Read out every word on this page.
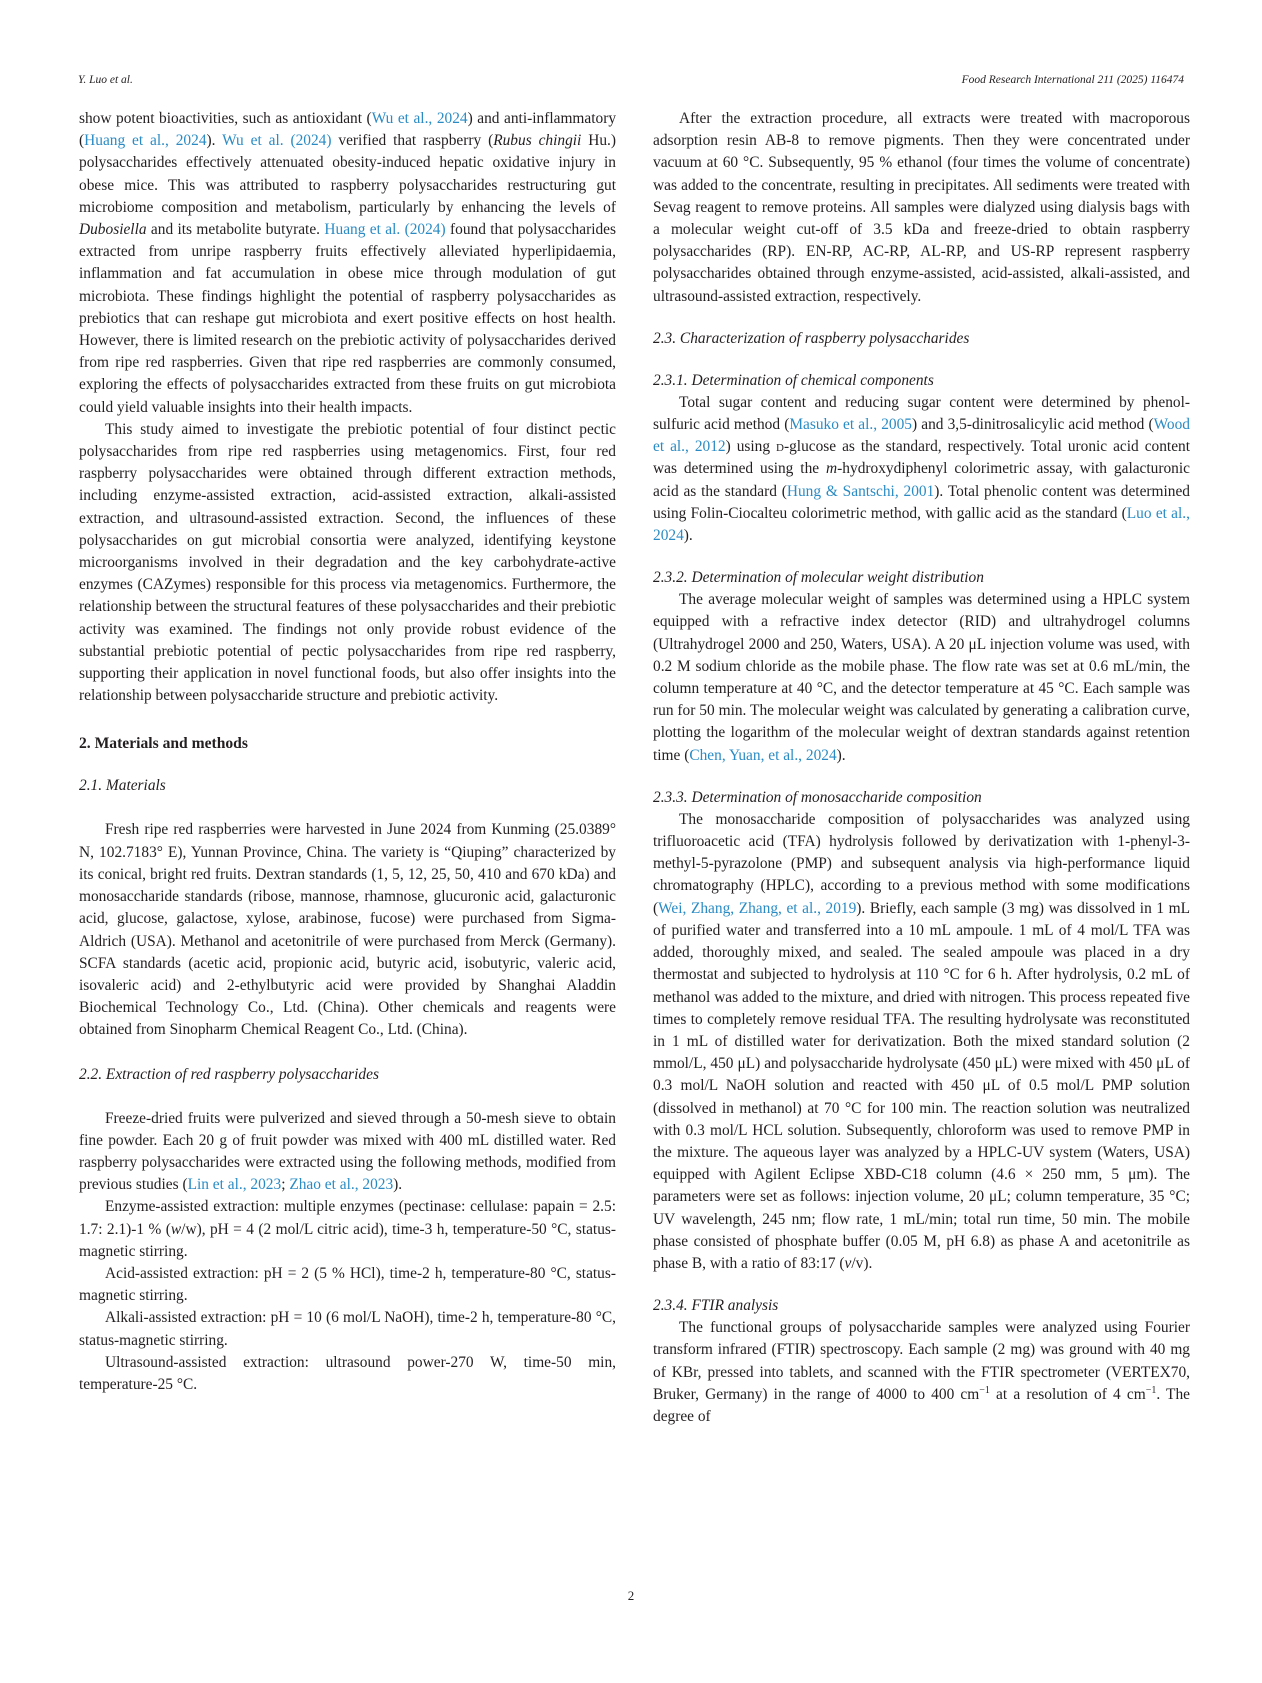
Y. Luo et al.	Food Research International 211 (2025) 116474

show potent bioactivities, such as antioxidant (Wu et al., 2024) and anti-inflammatory (Huang et al., 2024). Wu et al. (2024) verified that raspberry (Rubus chingii Hu.) polysaccharides effectively attenuated obesity-induced hepatic oxidative injury in obese mice. This was attributed to raspberry polysaccharides restructuring gut microbiome composition and metabolism, particularly by enhancing the levels of Dubosiella and its metabolite butyrate. Huang et al. (2024) found that polysaccharides extracted from unripe raspberry fruits effectively alleviated hyperlipidaemia, inflammation and fat accumulation in obese mice through modulation of gut microbiota. These findings highlight the potential of raspberry polysaccharides as prebiotics that can reshape gut microbiota and exert positive effects on host health. However, there is limited research on the prebiotic activity of polysaccharides derived from ripe red raspberries. Given that ripe red raspberries are commonly consumed, exploring the effects of polysaccharides extracted from these fruits on gut microbiota could yield valuable insights into their health impacts.

This study aimed to investigate the prebiotic potential of four distinct pectic polysaccharides from ripe red raspberries using metagenomics. First, four red raspberry polysaccharides were obtained through different extraction methods, including enzyme-assisted extraction, acid-assisted extraction, alkali-assisted extraction, and ultrasound-assisted extraction. Second, the influences of these polysaccharides on gut microbial consortia were analyzed, identifying keystone microorganisms involved in their degradation and the key carbohydrate-active enzymes (CAZymes) responsible for this process via metagenomics. Furthermore, the relationship between the structural features of these polysaccharides and their prebiotic activity was examined. The findings not only provide robust evidence of the substantial prebiotic potential of pectic polysaccharides from ripe red raspberry, supporting their application in novel functional foods, but also offer insights into the relationship between polysaccharide structure and prebiotic activity.

2. Materials and methods
2.1. Materials

Fresh ripe red raspberries were harvested in June 2024 from Kunming (25.0389° N, 102.7183° E), Yunnan Province, China. The variety is “Qiuping” characterized by its conical, bright red fruits. Dextran standards (1, 5, 12, 25, 50, 410 and 670 kDa) and monosaccharide standards (ribose, mannose, rhamnose, glucuronic acid, galacturonic acid, glucose, galactose, xylose, arabinose, fucose) were purchased from Sigma-Aldrich (USA). Methanol and acetonitrile of were purchased from Merck (Germany). SCFA standards (acetic acid, propionic acid, butyric acid, isobutyric, valeric acid, isovaleric acid) and 2-ethylbutyric acid were provided by Shanghai Aladdin Biochemical Technology Co., Ltd. (China). Other chemicals and reagents were obtained from Sinopharm Chemical Reagent Co., Ltd. (China).

2.2. Extraction of red raspberry polysaccharides

Freeze-dried fruits were pulverized and sieved through a 50-mesh sieve to obtain fine powder. Each 20 g of fruit powder was mixed with 400 mL distilled water. Red raspberry polysaccharides were extracted using the following methods, modified from previous studies (Lin et al., 2023; Zhao et al., 2023).

Enzyme-assisted extraction: multiple enzymes (pectinase: cellulase: papain = 2.5: 1.7: 2.1)-1 % (w/w), pH = 4 (2 mol/L citric acid), time-3 h, temperature-50 °C, status-magnetic stirring.

Acid-assisted extraction: pH = 2 (5 % HCl), time-2 h, temperature-80 °C, status-magnetic stirring.

Alkali-assisted extraction: pH = 10 (6 mol/L NaOH), time-2 h, temperature-80 °C, status-magnetic stirring.

Ultrasound-assisted extraction: ultrasound power-270 W, time-50 min, temperature-25 °C.

After the extraction procedure, all extracts were treated with macroporous adsorption resin AB-8 to remove pigments. Then they were concentrated under vacuum at 60 °C. Subsequently, 95 % ethanol (four times the volume of concentrate) was added to the concentrate, resulting in precipitates. All sediments were treated with Sevag reagent to remove proteins. All samples were dialyzed using dialysis bags with a molecular weight cut-off of 3.5 kDa and freeze-dried to obtain raspberry polysaccharides (RP). EN-RP, AC-RP, AL-RP, and US-RP represent raspberry polysaccharides obtained through enzyme-assisted, acid-assisted, alkali-assisted, and ultrasound-assisted extraction, respectively.

2.3. Characterization of raspberry polysaccharides
2.3.1. Determination of chemical components

Total sugar content and reducing sugar content were determined by phenol-sulfuric acid method (Masuko et al., 2005) and 3,5-dinitrosalicylic acid method (Wood et al., 2012) using d-glucose as the standard, respectively. Total uronic acid content was determined using the m-hydroxydiphenyl colorimetric assay, with galacturonic acid as the standard (Hung & Santschi, 2001). Total phenolic content was determined using Folin-Ciocalteu colorimetric method, with gallic acid as the standard (Luo et al., 2024).

2.3.2. Determination of molecular weight distribution

The average molecular weight of samples was determined using a HPLC system equipped with a refractive index detector (RID) and ultrahydrogel columns (Ultrahydrogel 2000 and 250, Waters, USA). A 20 μL injection volume was used, with 0.2 M sodium chloride as the mobile phase. The flow rate was set at 0.6 mL/min, the column temperature at 40 °C, and the detector temperature at 45 °C. Each sample was run for 50 min. The molecular weight was calculated by generating a calibration curve, plotting the logarithm of the molecular weight of dextran standards against retention time (Chen, Yuan, et al., 2024).

2.3.3. Determination of monosaccharide composition

The monosaccharide composition of polysaccharides was analyzed using trifluoroacetic acid (TFA) hydrolysis followed by derivatization with 1-phenyl-3-methyl-5-pyrazolone (PMP) and subsequent analysis via high-performance liquid chromatography (HPLC), according to a previous method with some modifications (Wei, Zhang, Zhang, et al., 2019). Briefly, each sample (3 mg) was dissolved in 1 mL of purified water and transferred into a 10 mL ampoule. 1 mL of 4 mol/L TFA was added, thoroughly mixed, and sealed. The sealed ampoule was placed in a dry thermostat and subjected to hydrolysis at 110 °C for 6 h. After hydrolysis, 0.2 mL of methanol was added to the mixture, and dried with nitrogen. This process repeated five times to completely remove residual TFA. The resulting hydrolysate was reconstituted in 1 mL of distilled water for derivatization. Both the mixed standard solution (2 mmol/L, 450 μL) and polysaccharide hydrolysate (450 μL) were mixed with 450 μL of 0.3 mol/L NaOH solution and reacted with 450 μL of 0.5 mol/L PMP solution (dissolved in methanol) at 70 °C for 100 min. The reaction solution was neutralized with 0.3 mol/L HCL solution. Subsequently, chloroform was used to remove PMP in the mixture. The aqueous layer was analyzed by a HPLC-UV system (Waters, USA) equipped with Agilent Eclipse XBD-C18 column (4.6 × 250 mm, 5 μm). The parameters were set as follows: injection volume, 20 μL; column temperature, 35 °C; UV wavelength, 245 nm; flow rate, 1 mL/min; total run time, 50 min. The mobile phase consisted of phosphate buffer (0.05 M, pH 6.8) as phase A and acetonitrile as phase B, with a ratio of 83:17 (v/v).

2.3.4. FTIR analysis

The functional groups of polysaccharide samples were analyzed using Fourier transform infrared (FTIR) spectroscopy. Each sample (2 mg) was ground with 40 mg of KBr, pressed into tablets, and scanned with the FTIR spectrometer (VERTEX70, Bruker, Germany) in the range of 4000 to 400 $cm^{-1}$ at a resolution of 4 $cm^{-1}$. The degree of

2
